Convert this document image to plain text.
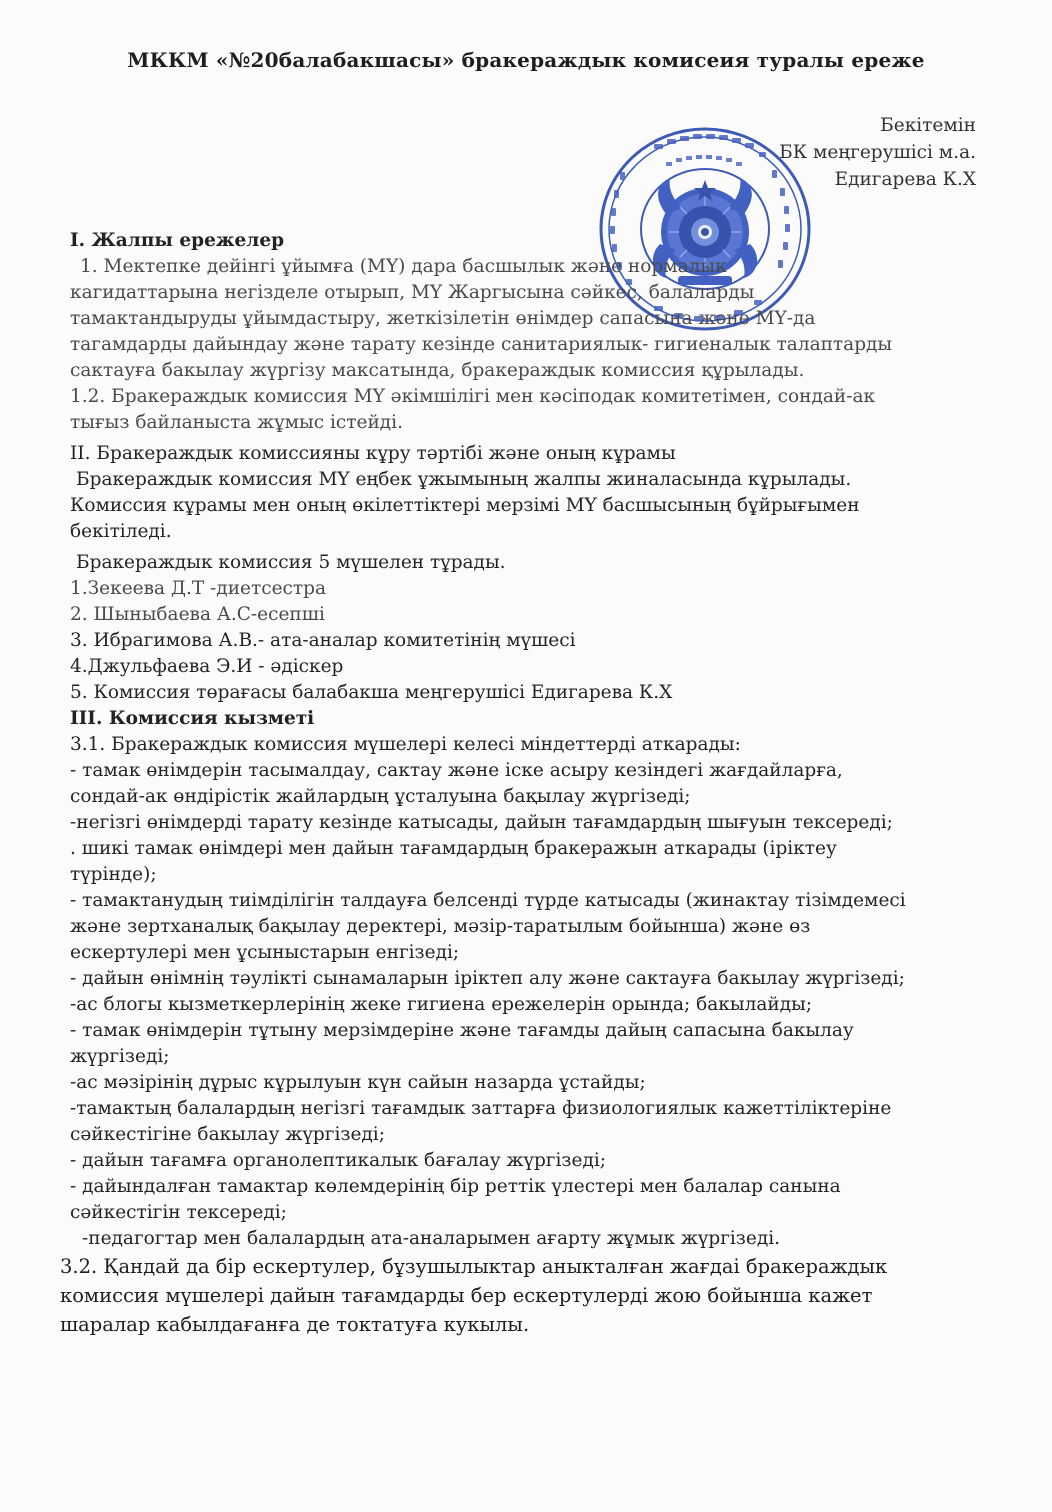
МККМ «№20балабакшасы» бракераждык комисеия туралы ереже
Бекітемін
БК меңгерушісі м.а.
Едигарева К.Х
I. Жалпы ережелер
1. Мектепке дейінгі ұйымға (МҮ) дара басшылык және нормалык
кагидаттарына негізделе отырып, МҮ Жаргысына сәйкес, балаларды
тамактандыруды ұйымдастыру, жеткізілетін өнімдер сапасына және МҮ-да
тагамдарды дайындау және тарату кезінде санитариялык- гигиеналык талаптарды
сактауға бакылау жүргізу максатында, бракераждык комиссия құрылады.
1.2. Бракераждык комиссия МҮ әкімшілігі мен кәсіподак комитетімен, сондай-ак
тығыз байланыста жұмыс істейді.
II. Бракераждык комиссияны кұру тәртібі және оның кұрамы
Бракераждык комиссия МҮ еңбек ұжымының жалпы жиналасында кұрылады.
Комиссия кұрамы мен оның өкілеттіктері мерзімі МҮ басшысының бұйрығымен
бекітіледі.
Бракераждык комиссия 5 мүшелен тұрады.
1.Зекеева Д.Т -диетсестра
2. Шыныбаева А.С-есепші
3. Ибрагимова А.В.- ата-аналар комитетінің мүшесі
4.Джульфаева Э.И - әдіскер
5. Комиссия төрағасы балабакша меңгерушісі Едигарева К.Х
III. Комиссия кызметі
3.1. Бракераждык комиссия мүшелері келесі міндеттерді аткарады:
- тамак өнімдерін тасымалдау, сактау және іске асыру кезіндегі жағдайларға,
сондай-ак өндірістік жайлардың ұсталуына бақылау жүргізеді;
-негізгі өнімдерді тарату кезінде катысады, дайын тағамдардың шығуын тексереді;
. шикі тамак өнімдері мен дайын тағамдардың бракеражын аткарады (іріктеу
түрінде);
- тамактанудың тиімділігін талдауға белсенді түрде катысады (жинактау тізімдемесі
және зертханалық бақылау деректері, мәзір-таратылым бойынша) және өз
ескертулері мен ұсыныстарын енгізеді;
- дайын өнімнің тәуліктi сынамаларын іріктеп алу және сактауға бакылау жүргізеді;
-ас блогы кызметкерлерінің жеке гигиена ережелерін орында; бакылайды;
- тамак өнімдерін тұтыну мерзімдеріне және тағамды дайың сапасына бакылау
жүргізеді;
-ас мәзірінің дұрыс кұрылуын күн сайын назарда ұстайды;
-тамактың балалардың негізгі тағамдык заттарға физиологиялык кажеттіліктеріне
сәйкестігіне бакылау жүргізеді;
- дайын тағамға органолептикалык бағалау жүргізеді;
- дайындалған тамактар көлемдерінің бір реттік үлестері мен балалар санына
сәйкестігін тексереді;
-педагогтар мен балалардың ата-аналарымен ағарту жұмык жүргізеді.
3.2. Қандай да бір ескертулер, бұзушылыктар аныкталған жағдаі бракераждык
комиссия мүшелері дайын тағамдарды бер ескертулерді жою бойынша кажет
шаралар кабылдағанға де токтатуға кукылы.
